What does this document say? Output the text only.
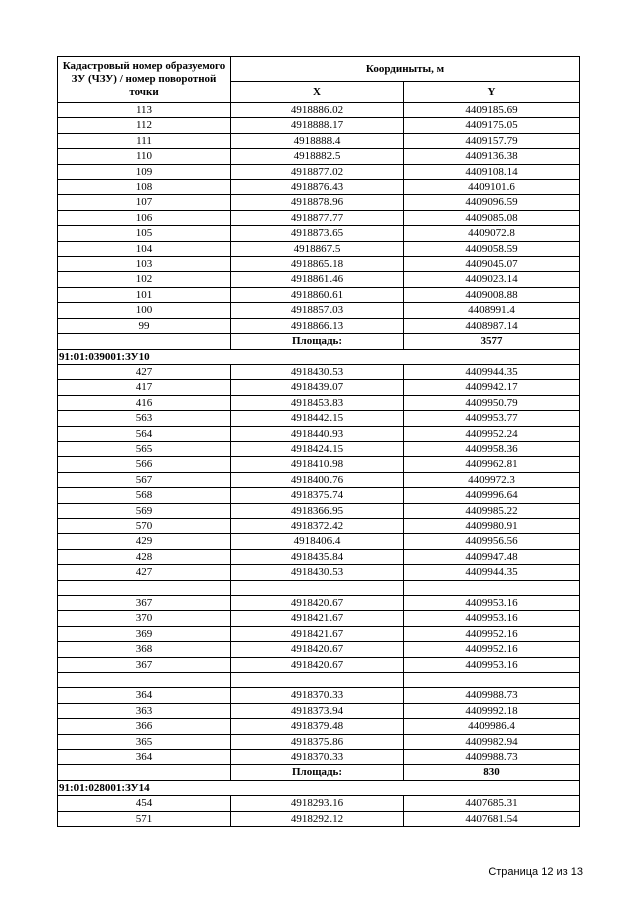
Кадастровый номер образуемого ЗУ (ЧЗУ) / номер поворотной точки	Координыты, м	
	X	Y
113	4918886.02	4409185.69
112	4918888.17	4409175.05
111	4918888.4	4409157.79
110	4918882.5	4409136.38
109	4918877.02	4409108.14
108	4918876.43	4409101.6
107	4918878.96	4409096.59
106	4918877.77	4409085.08
105	4918873.65	4409072.8
104	4918867.5	4409058.59
103	4918865.18	4409045.07
102	4918861.46	4409023.14
101	4918860.61	4409008.88
100	4918857.03	4408991.4
99	4918866.13	4408987.14
	Площадь:	3577
91:01:039001:ЗУ10		
427	4918430.53	4409944.35
417	4918439.07	4409942.17
416	4918453.83	4409950.79
563	4918442.15	4409953.77
564	4918440.93	4409952.24
565	4918424.15	4409958.36
566	4918410.98	4409962.81
567	4918400.76	4409972.3
568	4918375.74	4409996.64
569	4918366.95	4409985.22
570	4918372.42	4409980.91
429	4918406.4	4409956.56
428	4918435.84	4409947.48
427	4918430.53	4409944.35

367	4918420.67	4409953.16
370	4918421.67	4409953.16
369	4918421.67	4409952.16
368	4918420.67	4409952.16
367	4918420.67	4409953.16

364	4918370.33	4409988.73
363	4918373.94	4409992.18
366	4918379.48	4409986.4
365	4918375.86	4409982.94
364	4918370.33	4409988.73
	Площадь:	830
91:01:028001:ЗУ14		
454	4918293.16	4407685.31
571	4918292.12	4407681.54
Страница 12 из 13
